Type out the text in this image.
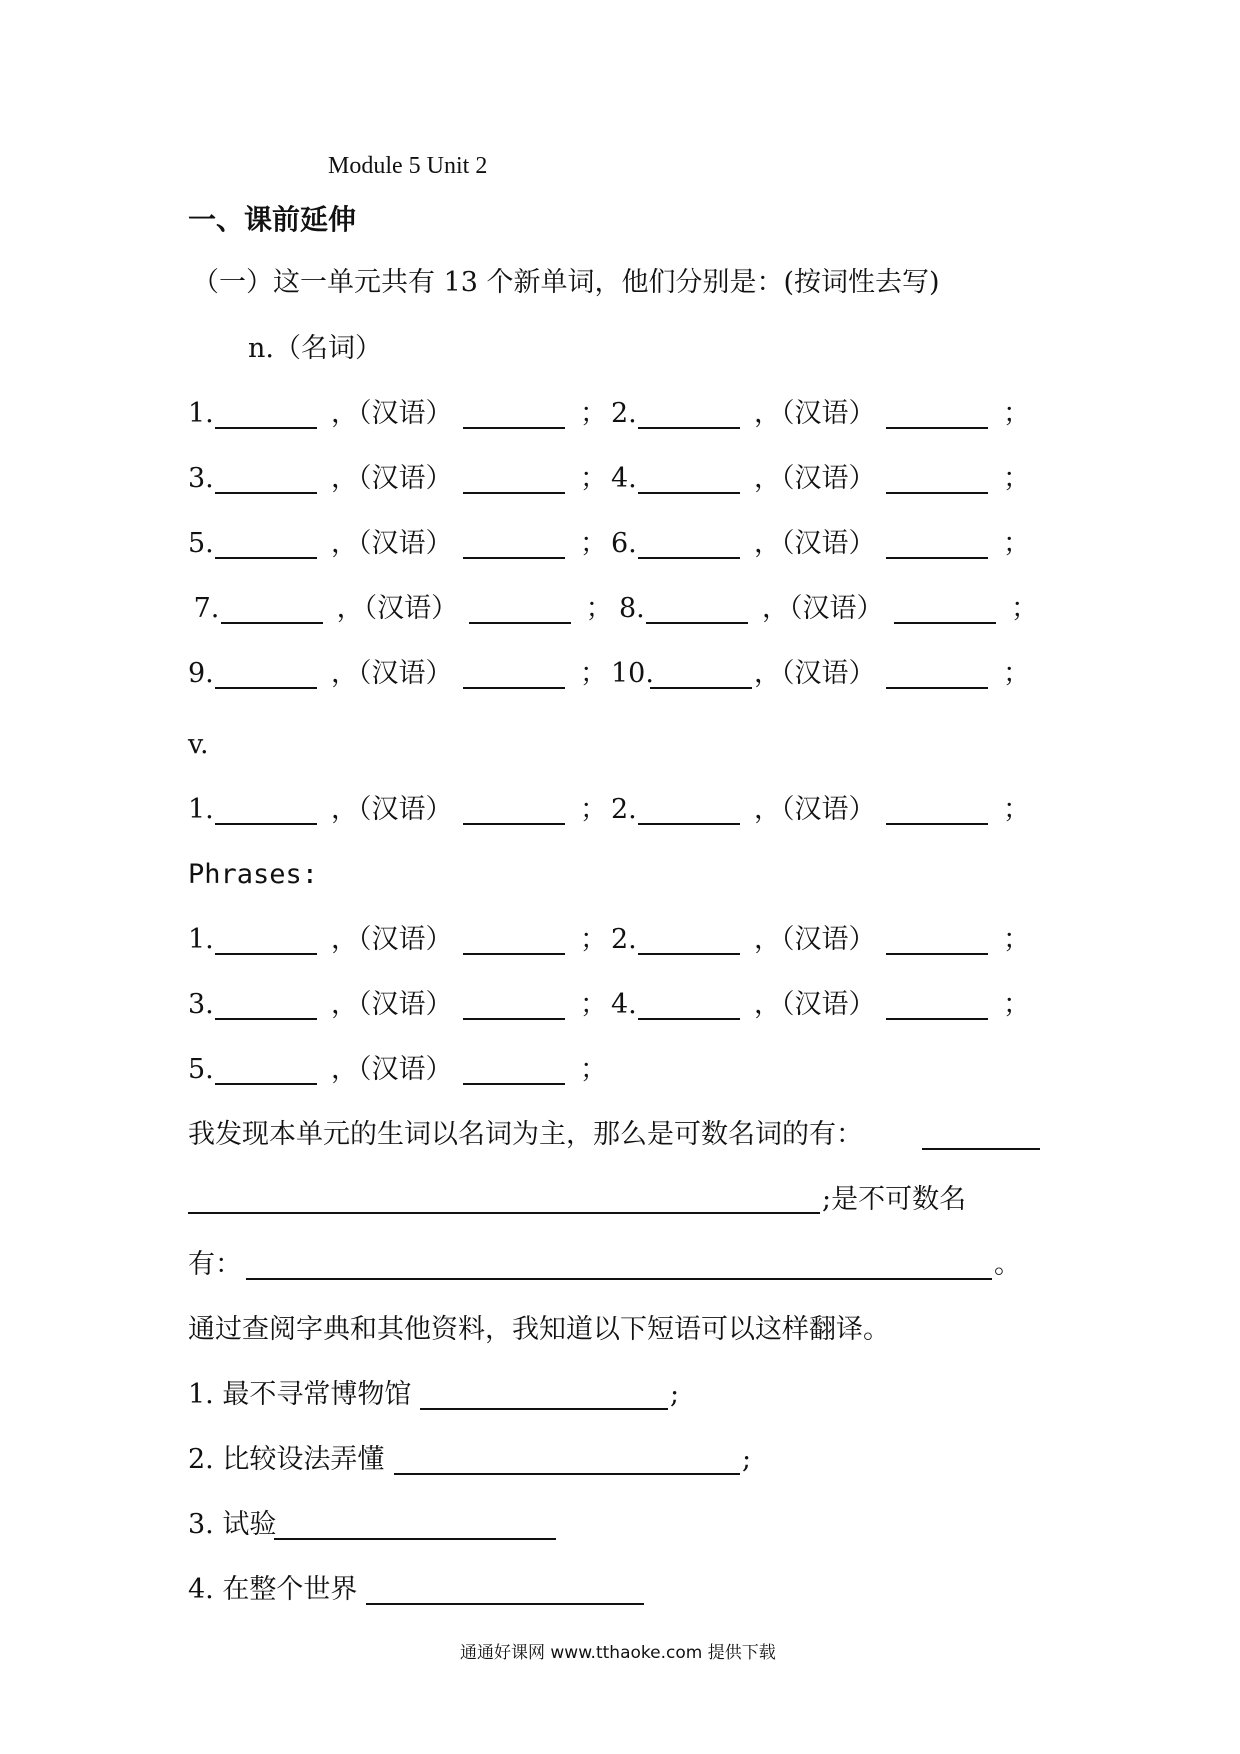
Module 5 Unit 2
一、课前延伸
（一）这一单元共有 13 个新单词，他们分别是：(按词性去写)
n.（名词）
1.	，（汉语）	； 2.	，（汉语）	；
3.	，（汉语）	； 4.	，（汉语）	；
5.	，（汉语）	； 6.	，（汉语）	；
7.	，（汉语）	； 8.	，（汉语）	；
9.	，（汉语）	； 10.	，（汉语）	；
1.	，（汉语）	； 2.	，（汉语）	；
1.	，（汉语）	； 2.	，（汉语）	；
3.	，（汉语）	； 4.	，（汉语）	；
5.	，（汉语）	；
v.
Phrases:
我发现本单元的生词以名词为主，那么是可数名词的有：
;是不可数名
有：	。
通过查阅字典和其他资料，我知道以下短语可以这样翻译。
1. 最不寻常博物馆	;
2. 比较设法弄懂	;
3. 试验
4. 在整个世界
通通好课网 www.tthaoke.com 提供下载
